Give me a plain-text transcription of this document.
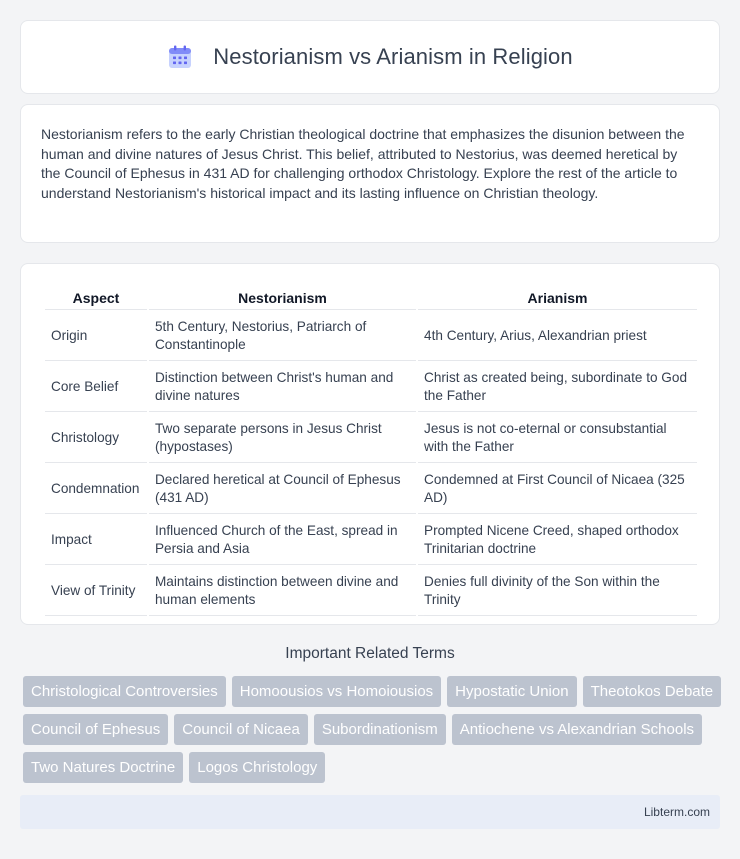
Nestorianism vs Arianism in Religion

Nestorianism refers to the early Christian theological doctrine that emphasizes the disunion between the human and divine natures of Jesus Christ. This belief, attributed to Nestorius, was deemed heretical by the Council of Ephesus in 431 AD for challenging orthodox Christology. Explore the rest of the article to understand Nestorianism's historical impact and its lasting influence on Christian theology.

Aspect	Nestorianism	Arianism
Origin	5th Century, Nestorius, Patriarch of Constantinople	4th Century, Arius, Alexandrian priest
Core Belief	Distinction between Christ's human and divine natures	Christ as created being, subordinate to God the Father
Christology	Two separate persons in Jesus Christ (hypostases)	Jesus is not co-eternal or consubstantial with the Father
Condemnation	Declared heretical at Council of Ephesus (431 AD)	Condemned at First Council of Nicaea (325 AD)
Impact	Influenced Church of the East, spread in Persia and Asia	Prompted Nicene Creed, shaped orthodox Trinitarian doctrine
View of Trinity	Maintains distinction between divine and human elements	Denies full divinity of the Son within the Trinity
Important Related Terms
Christological Controversies	Homoousios vs Homoiousios	Hypostatic Union	Theotokos Debate
Council of Ephesus	Council of Nicaea	Subordinationism	Antiochene vs Alexandrian Schools
Two Natures Doctrine	Logos Christology
Libterm.com
